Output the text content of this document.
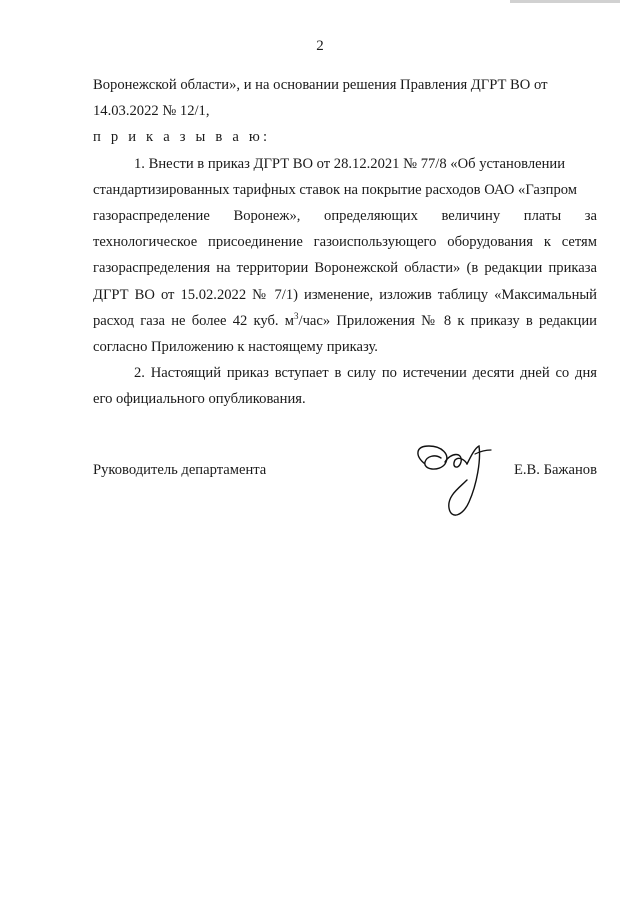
2

Воронежской области», и на основании решения Правления ДГРТ ВО от

14.03.2022 № 12/1,

п р и к а з ы в а ю:

1. Внести в приказ ДГРТ ВО от 28.12.2021 № 77/8 «Об установлении

стандартизированных тарифных ставок на покрытие расходов ОАО «Газпром

газораспределение Воронеж», определяющих величину платы за

технологическое присоединение газоиспользующего оборудования к сетям

газораспределения на территории Воронежской области» (в редакции приказа

ДГРТ ВО от 15.02.2022 № 7/1) изменение, изложив таблицу «Максимальный

расход газа не более 42 куб. $м^3$/час» Приложения № 8 к приказу в редакции

согласно Приложению к настоящему приказу.

2. Настоящий приказ вступает в силу по истечении десяти дней со дня

его официального опубликования.

Руководитель департамента	Е.В. Бажанов
